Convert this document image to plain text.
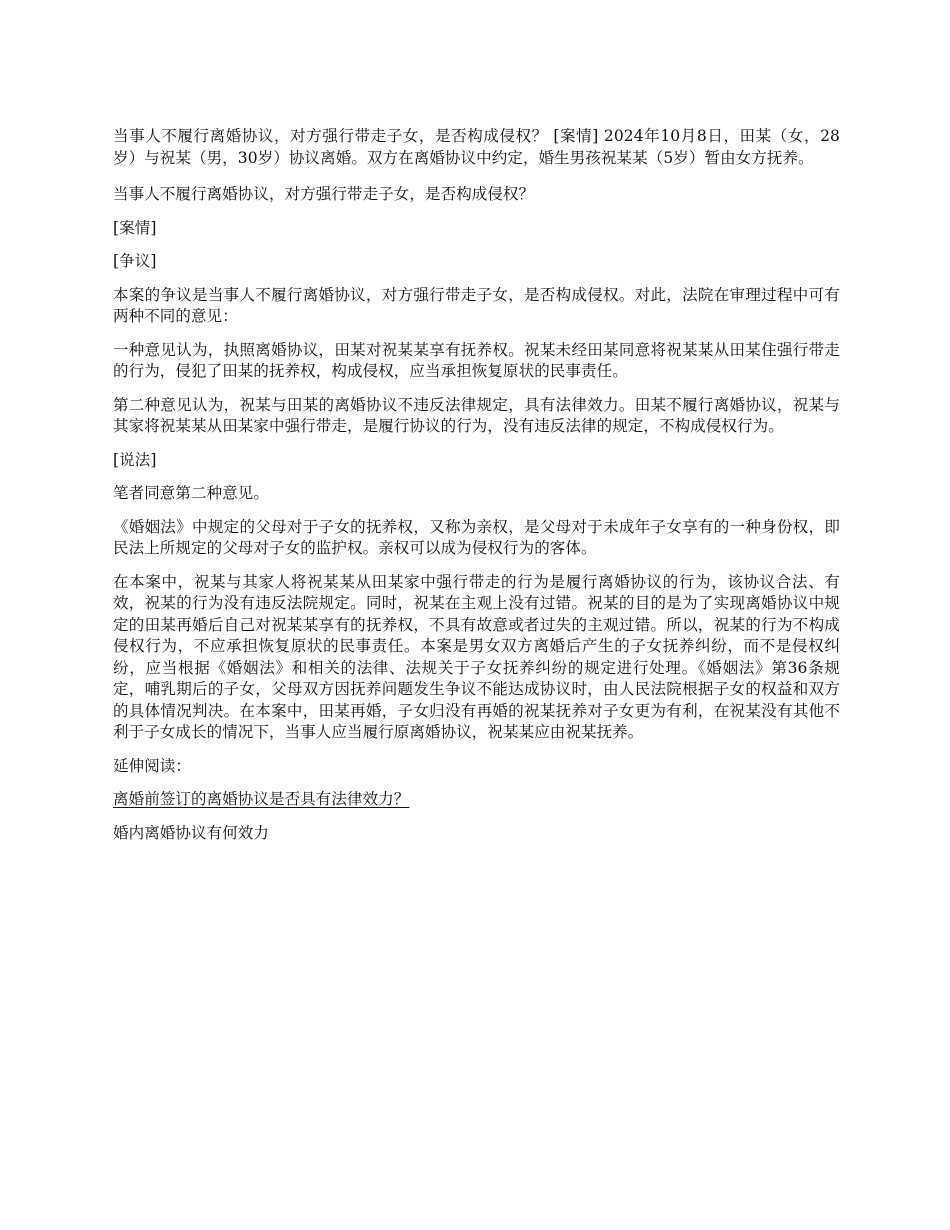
当事人不履行离婚协议，对方强行带走子女，是否构成侵权？ [案情] 2024年10月8日，田某（女，28岁）与祝某（男，30岁）协议离婚。双方在离婚协议中约定，婚生男孩祝某某（5岁）暂由女方抚养。

当事人不履行离婚协议，对方强行带走子女，是否构成侵权？

[案情]

[争议]

本案的争议是当事人不履行离婚协议，对方强行带走子女，是否构成侵权。对此，法院在审理过程中可有两种不同的意见：

一种意见认为，执照离婚协议，田某对祝某某享有抚养权。祝某未经田某同意将祝某某从田某住强行带走的行为，侵犯了田某的抚养权，构成侵权，应当承担恢复原状的民事责任。

第二种意见认为，祝某与田某的离婚协议不违反法律规定，具有法律效力。田某不履行离婚协议，祝某与其家将祝某某从田某家中强行带走，是履行协议的行为，没有违反法律的规定，不构成侵权行为。

[说法]

笔者同意第二种意见。

《婚姻法》中规定的父母对于子女的抚养权，又称为亲权，是父母对于未成年子女享有的一种身份权，即民法上所规定的父母对子女的监护权。亲权可以成为侵权行为的客体。

在本案中，祝某与其家人将祝某某从田某家中强行带走的行为是履行离婚协议的行为，该协议合法、有效，祝某的行为没有违反法院规定。同时，祝某在主观上没有过错。祝某的目的是为了实现离婚协议中规定的田某再婚后自己对祝某某享有的抚养权，不具有故意或者过失的主观过错。所以，祝某的行为不构成侵权行为，不应承担恢复原状的民事责任。本案是男女双方离婚后产生的子女抚养纠纷，而不是侵权纠纷，应当根据《婚姻法》和相关的法律、法规关于子女抚养纠纷的规定进行处理。《婚姻法》第36条规定，哺乳期后的子女，父母双方因抚养问题发生争议不能达成协议时，由人民法院根据子女的权益和双方的具体情况判决。在本案中，田某再婚，子女归没有再婚的祝某抚养对子女更为有利，在祝某没有其他不利于子女成长的情况下，当事人应当履行原离婚协议，祝某某应由祝某抚养。

延伸阅读：

离婚前签订的离婚协议是否具有法律效力？

婚内离婚协议有何效力
